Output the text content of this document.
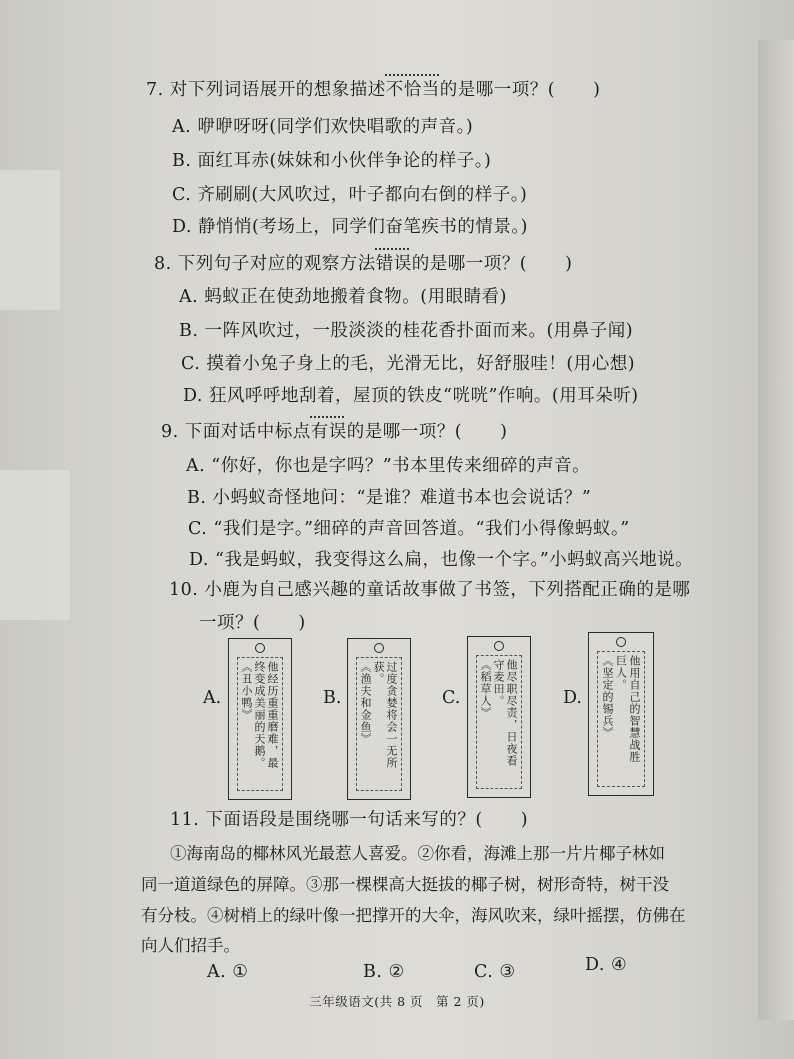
7. 对下列词语展开的想象描述不恰当的是哪一项？( )
A. 咿咿呀呀(同学们欢快唱歌的声音。)
B. 面红耳赤(妹妹和小伙伴争论的样子。)
C. 齐刷刷(大风吹过，叶子都向右倒的样子。)
D. 静悄悄(考场上，同学们奋笔疾书的情景。)
8. 下列句子对应的观察方法错误的是哪一项？( )
A. 蚂蚁正在使劲地搬着食物。(用眼睛看)
B. 一阵风吹过，一股淡淡的桂花香扑面而来。(用鼻子闻)
C. 摸着小兔子身上的毛，光滑无比，好舒服哇！(用心想)
D. 狂风呼呼地刮着，屋顶的铁皮“咣咣”作响。(用耳朵听)
9. 下面对话中标点有误的是哪一项？( )
A. “你好，你也是字吗？”书本里传来细碎的声音。
B. 小蚂蚁奇怪地问：“是谁？难道书本也会说话？”
C. “我们是字。”细碎的声音回答道。“我们小得像蚂蚁。”
D. “我是蚂蚁，我变得这么扁，也像一个字。”小蚂蚁高兴地说。
10. 小鹿为自己感兴趣的童话故事做了书签，下列搭配正确的是哪
一项？( )
A.	他经历重重磨难，最
终变成美丽的天鹅。
《丑小鸭》	B.	过度贪婪将会一无所
获。
《渔夫和金鱼》	C.	他尽职尽责，日夜看
守麦田。
《稻草人》	D.	他用自己的智慧战胜
巨人。
《坚定的锡兵》
11. 下面语段是围绕哪一句话来写的？( )
①海南岛的椰林风光最惹人喜爱。②你看，海滩上那一片片椰子林如
同一道道绿色的屏障。③那一棵棵高大挺拔的椰子树，树形奇特，树干没
有分枝。④树梢上的绿叶像一把撑开的大伞，海风吹来，绿叶摇摆，仿佛在
向人们招手。
A. ①	B. ②	C. ③	D. ④
三年级语文(共 8 页　第 2 页)
